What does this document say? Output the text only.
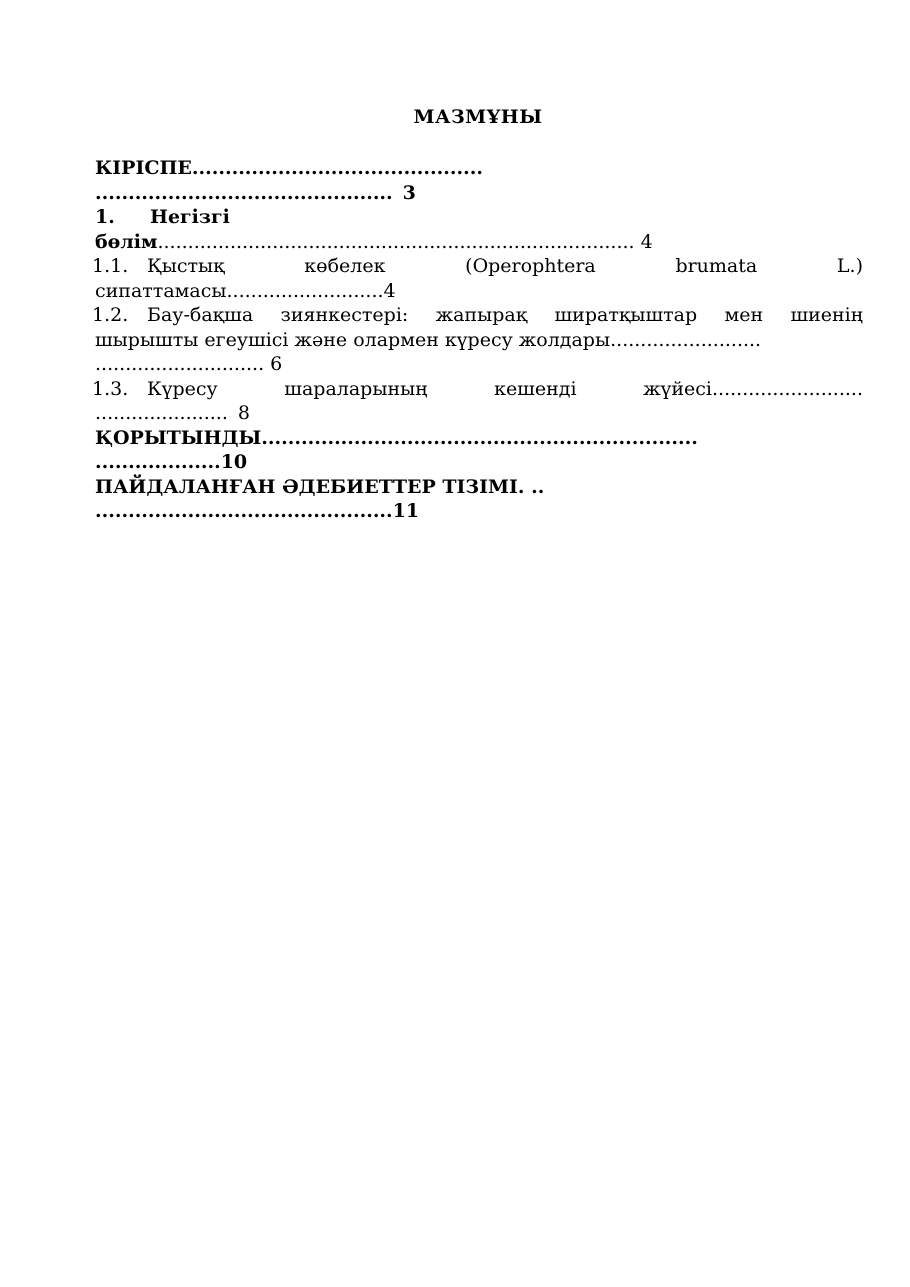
МАЗМҰНЫ
КІРІСПЕ............................................
............................................. 3
1. Негізгі
бөлім............................................................................... 4
1.1. Қыстық	көбелек	(Operophtera	brumata	L.)
сипаттамасы..........................4
1.2. Бау-бақша зиянкестері: жапырақ ширатқыштар мен шиенің
шырышты егеушісі және олармен күресу жолдары.........................
............................ 6
1.3. Күресу	шараларының	кешенді	жүйесі.........................
...................... 8
ҚОРЫТЫНДЫ..................................................................
...................10
ПАЙДАЛАНҒАН ӘДЕБИЕТТЕР ТІЗІМІ. ..
.............................................11
